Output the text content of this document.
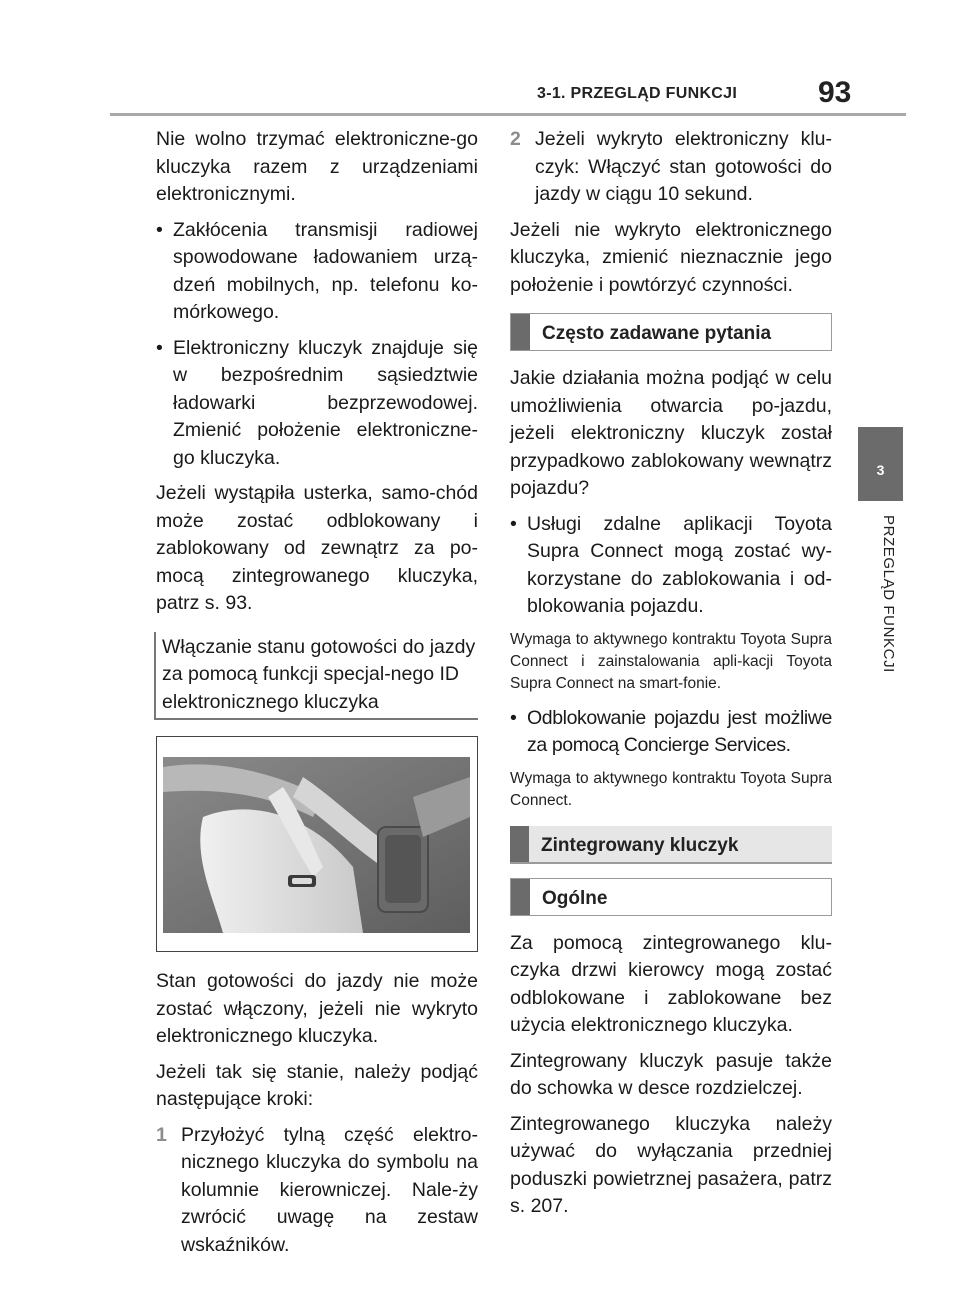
3-1. PRZEGLĄD FUNKCJI	93
3
PRZEGLĄD FUNKCJI

Nie wolno trzymać elektroniczne-go kluczyka razem z urządzeniami elektronicznymi.

• Zakłócenia transmisji radiowej spowodowane ładowaniem urzą-dzeń mobilnych, np. telefonu ko-mórkowego.

• Elektroniczny kluczyk znajduje się w bezpośrednim sąsiedztwie ładowarki bezprzewodowej. Zmienić położenie elektroniczne-go kluczyka.

Jeżeli wystąpiła usterka, samo-chód może zostać odblokowany i zablokowany od zewnątrz za po-mocą zintegrowanego kluczyka, patrz s. 93.

Włączanie stanu gotowości do jazdy za pomocą funkcji specjal-nego ID elektronicznego kluczyka

Stan gotowości do jazdy nie może zostać włączony, jeżeli nie wykryto elektronicznego kluczyka.

Jeżeli tak się stanie, należy podjąć następujące kroki:

1 Przyłożyć tylną część elektro-nicznego kluczyka do symbolu na kolumnie kierowniczej. Nale-ży zwrócić uwagę na zestaw wskaźników.

2 Jeżeli wykryto elektroniczny klu-czyk: Włączyć stan gotowości do jazdy w ciągu 10 sekund.

Jeżeli nie wykryto elektronicznego kluczyka, zmienić nieznacznie jego położenie i powtórzyć czynności.

Często zadawane pytania

Jakie działania można podjąć w celu umożliwienia otwarcia po-jazdu, jeżeli elektroniczny kluczyk został przypadkowo zablokowany wewnątrz pojazdu?

• Usługi zdalne aplikacji Toyota Supra Connect mogą zostać wy-korzystane do zablokowania i od-blokowania pojazdu.

Wymaga to aktywnego kontraktu Toyota Supra Connect i zainstalowania apli-kacji Toyota Supra Connect na smart-fonie.

• Odblokowanie pojazdu jest możliwe za pomocą Concierge Services.

Wymaga to aktywnego kontraktu Toyota Supra Connect.

Zintegrowany kluczyk
Ogólne

Za pomocą zintegrowanego klu-czyka drzwi kierowcy mogą zostać odblokowane i zablokowane bez użycia elektronicznego kluczyka.

Zintegrowany kluczyk pasuje także do schowka w desce rozdzielczej.

Zintegrowanego kluczyka należy używać do wyłączania przedniej poduszki powietrznej pasażera, patrz s. 207.
